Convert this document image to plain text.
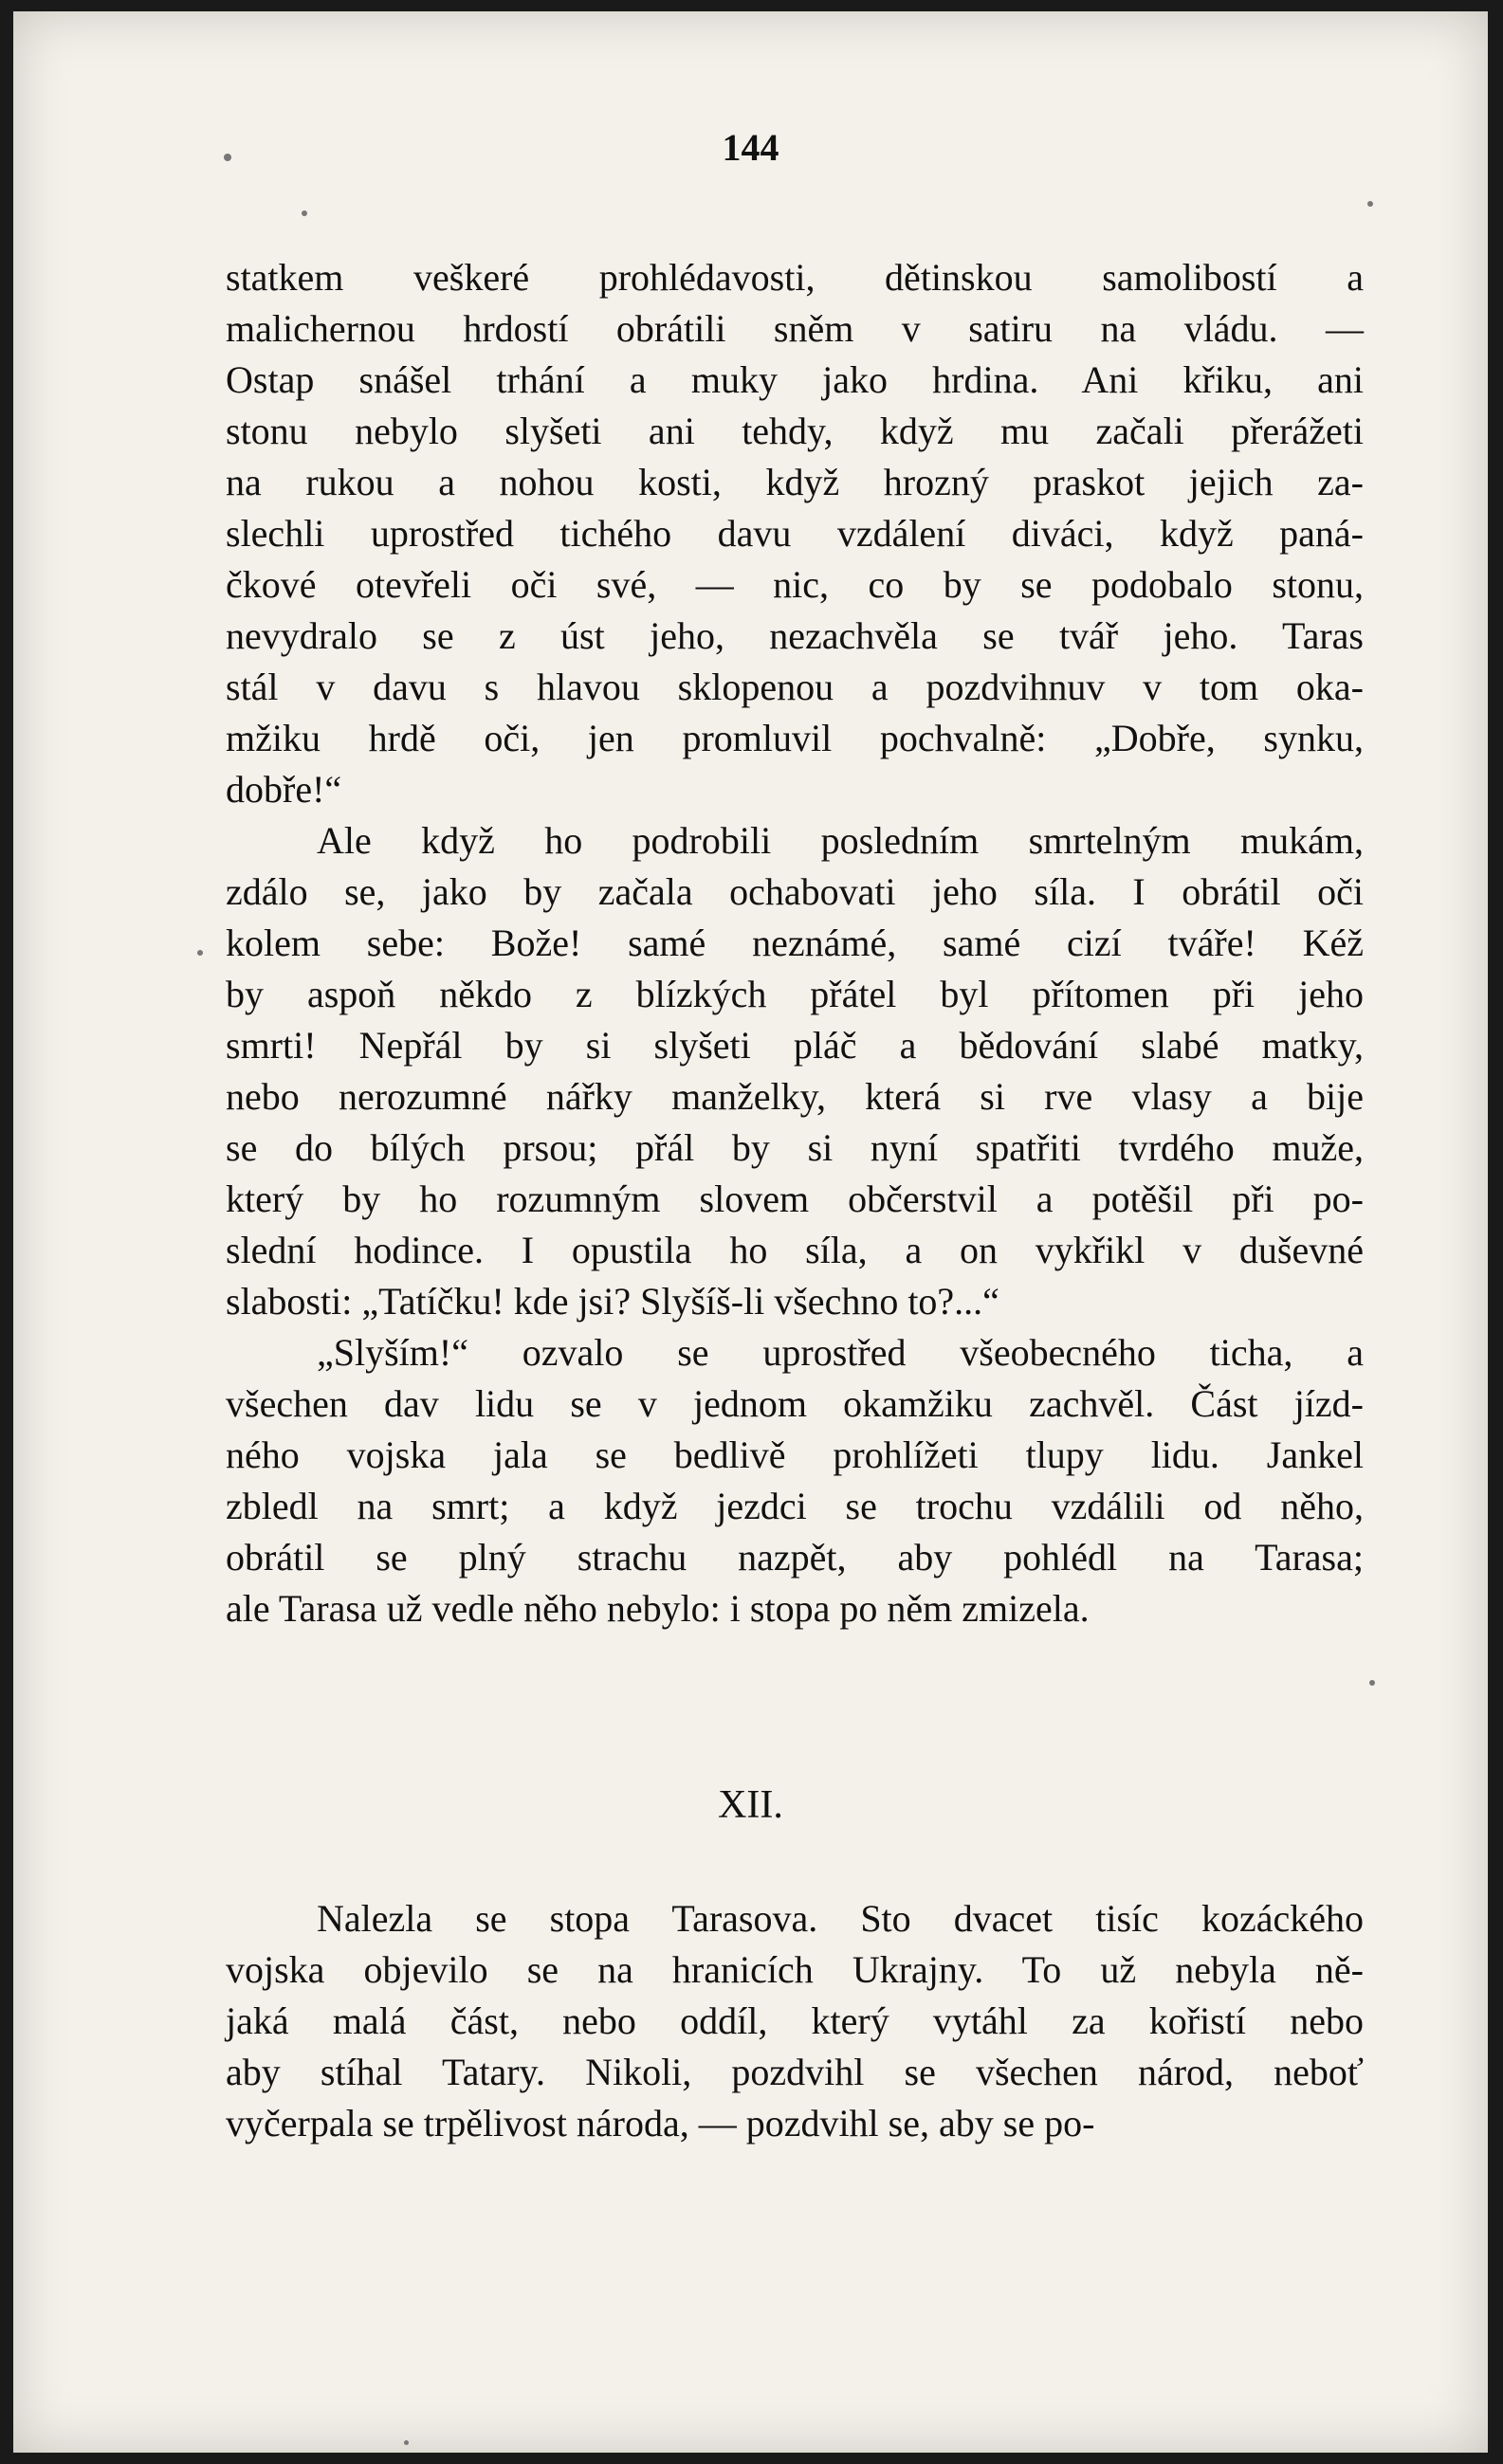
144
statkem veškeré prohlédavosti, dětinskou samolibostí a
malichernou hrdostí obrátili sněm v satiru na vládu. —
Ostap snášel trhání a muky jako hrdina. Ani křiku, ani
stonu nebylo slyšeti ani tehdy, když mu začali přerážeti
na rukou a nohou kosti, když hrozný praskot jejich za-
slechli uprostřed tichého davu vzdálení diváci, když paná-
čkové otevřeli oči své, — nic, co by se podobalo stonu,
nevydralo se z úst jeho, nezachvěla se tvář jeho. Taras
stál v davu s hlavou sklopenou a pozdvihnuv v tom oka-
mžiku hrdě oči, jen promluvil pochvalně: „Dobře, synku,
dobře!“
Ale když ho podrobili posledním smrtelným mukám,
zdálo se, jako by začala ochabovati jeho síla. I obrátil oči
kolem sebe: Bože! samé neznámé, samé cizí tváře! Kéž
by aspoň někdo z blízkých přátel byl přítomen při jeho
smrti! Nepřál by si slyšeti pláč a bědování slabé matky,
nebo nerozumné nářky manželky, která si rve vlasy a bije
se do bílých prsou; přál by si nyní spatřiti tvrdého muže,
který by ho rozumným slovem občerstvil a potěšil při po-
slední hodince. I opustila ho síla, a on vykřikl v duševné
slabosti: „Tatíčku! kde jsi? Slyšíš-li všechno to?...“
„Slyším!“ ozvalo se uprostřed všeobecného ticha, a
všechen dav lidu se v jednom okamžiku zachvěl. Část jízd-
ného vojska jala se bedlivě prohlížeti tlupy lidu. Jankel
zbledl na smrt; a když jezdci se trochu vzdálili od něho,
obrátil se plný strachu nazpět, aby pohlédl na Tarasa;
ale Tarasa už vedle něho nebylo: i stopa po něm zmizela.
XII.
Nalezla se stopa Tarasova. Sto dvacet tisíc kozáckého
vojska objevilo se na hranicích Ukrajny. To už nebyla ně-
jaká malá část, nebo oddíl, který vytáhl za kořistí nebo
aby stíhal Tatary. Nikoli, pozdvihl se všechen národ, neboť
vyčerpala se trpělivost národa, — pozdvihl se, aby se po-
